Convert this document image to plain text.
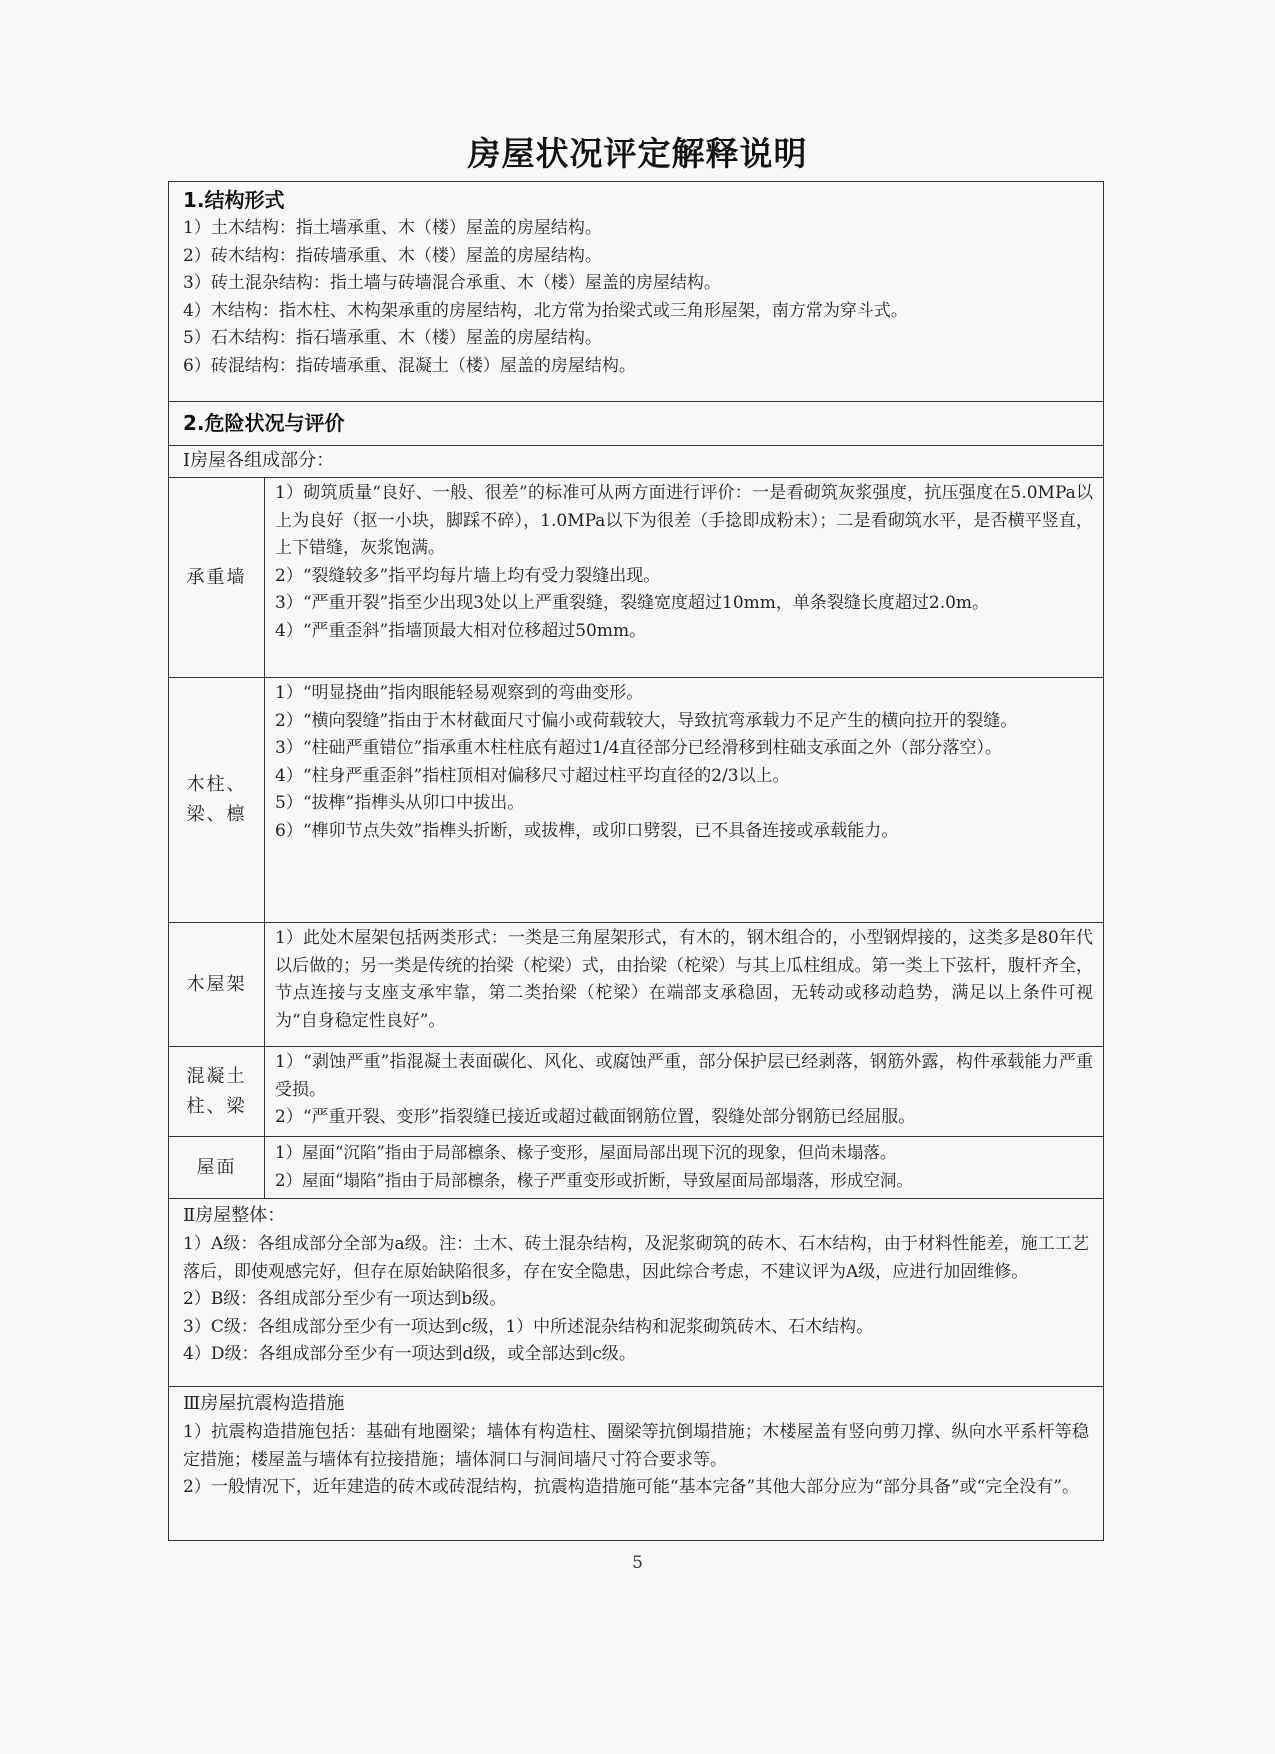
房屋状况评定解释说明
1.结构形式
1）土木结构：指土墙承重、木（楼）屋盖的房屋结构。
2）砖木结构：指砖墙承重、木（楼）屋盖的房屋结构。
3）砖土混杂结构：指土墙与砖墙混合承重、木（楼）屋盖的房屋结构。
4）木结构：指木柱、木构架承重的房屋结构，北方常为抬梁式或三角形屋架，南方常为穿斗式。
5）石木结构：指石墙承重、木（楼）屋盖的房屋结构。
6）砖混结构：指砖墙承重、混凝土（楼）屋盖的房屋结构。
2.危险状况与评价
Ⅰ房屋各组成部分：
承重墙
1）砌筑质量“良好、一般、很差”的标准可从两方面进行评价：一是看砌筑灰浆强度，抗压强度在5.0MPa以上为良好（抠一小块，脚踩不碎），1.0MPa以下为很差（手捻即成粉末）；二是看砌筑水平，是否横平竖直，上下错缝，灰浆饱满。
2）“裂缝较多”指平均每片墙上均有受力裂缝出现。
3）“严重开裂”指至少出现3处以上严重裂缝，裂缝宽度超过10mm，单条裂缝长度超过2.0m。
4）“严重歪斜”指墙顶最大相对位移超过50mm。
木柱、梁、檩
1）“明显挠曲”指肉眼能轻易观察到的弯曲变形。
2）“横向裂缝”指由于木材截面尺寸偏小或荷载较大，导致抗弯承载力不足产生的横向拉开的裂缝。
3）“柱础严重错位”指承重木柱柱底有超过1/4直径部分已经滑移到柱础支承面之外（部分落空）。
4）“柱身严重歪斜”指柱顶相对偏移尺寸超过柱平均直径的2/3以上。
5）“拔榫”指榫头从卯口中拔出。
6）“榫卯节点失效”指榫头折断，或拔榫，或卯口劈裂，已不具备连接或承载能力。
木屋架
1）此处木屋架包括两类形式：一类是三角屋架形式，有木的，钢木组合的，小型钢焊接的，这类多是80年代以后做的；另一类是传统的抬梁（柁梁）式，由抬梁（柁梁）与其上瓜柱组成。第一类上下弦杆，腹杆齐全，节点连接与支座支承牢靠，第二类抬梁（柁梁）在端部支承稳固，无转动或移动趋势，满足以上条件可视为“自身稳定性良好”。
混凝土柱、梁
1）“剥蚀严重”指混凝土表面碳化、风化、或腐蚀严重，部分保护层已经剥落，钢筋外露，构件承载能力严重受损。
2）“严重开裂、变形”指裂缝已接近或超过截面钢筋位置，裂缝处部分钢筋已经屈服。
屋面
1）屋面“沉陷”指由于局部檩条、椽子变形，屋面局部出现下沉的现象，但尚未塌落。
2）屋面“塌陷”指由于局部檩条，椽子严重变形或折断，导致屋面局部塌落，形成空洞。
Ⅱ房屋整体：
1）A级：各组成部分全部为a级。注：土木、砖土混杂结构，及泥浆砌筑的砖木、石木结构，由于材料性能差，施工工艺落后，即使观感完好，但存在原始缺陷很多，存在安全隐患，因此综合考虑，不建议评为A级，应进行加固维修。
2）B级：各组成部分至少有一项达到b级。
3）C级：各组成部分至少有一项达到c级，1）中所述混杂结构和泥浆砌筑砖木、石木结构。
4）D级：各组成部分至少有一项达到d级，或全部达到c级。
Ⅲ房屋抗震构造措施
1）抗震构造措施包括：基础有地圈梁；墙体有构造柱、圈梁等抗倒塌措施；木楼屋盖有竖向剪刀撑、纵向水平系杆等稳定措施；楼屋盖与墙体有拉接措施；墙体洞口与洞间墙尺寸符合要求等。
2）一般情况下，近年建造的砖木或砖混结构，抗震构造措施可能“基本完备”其他大部分应为“部分具备”或“完全没有”。
5
